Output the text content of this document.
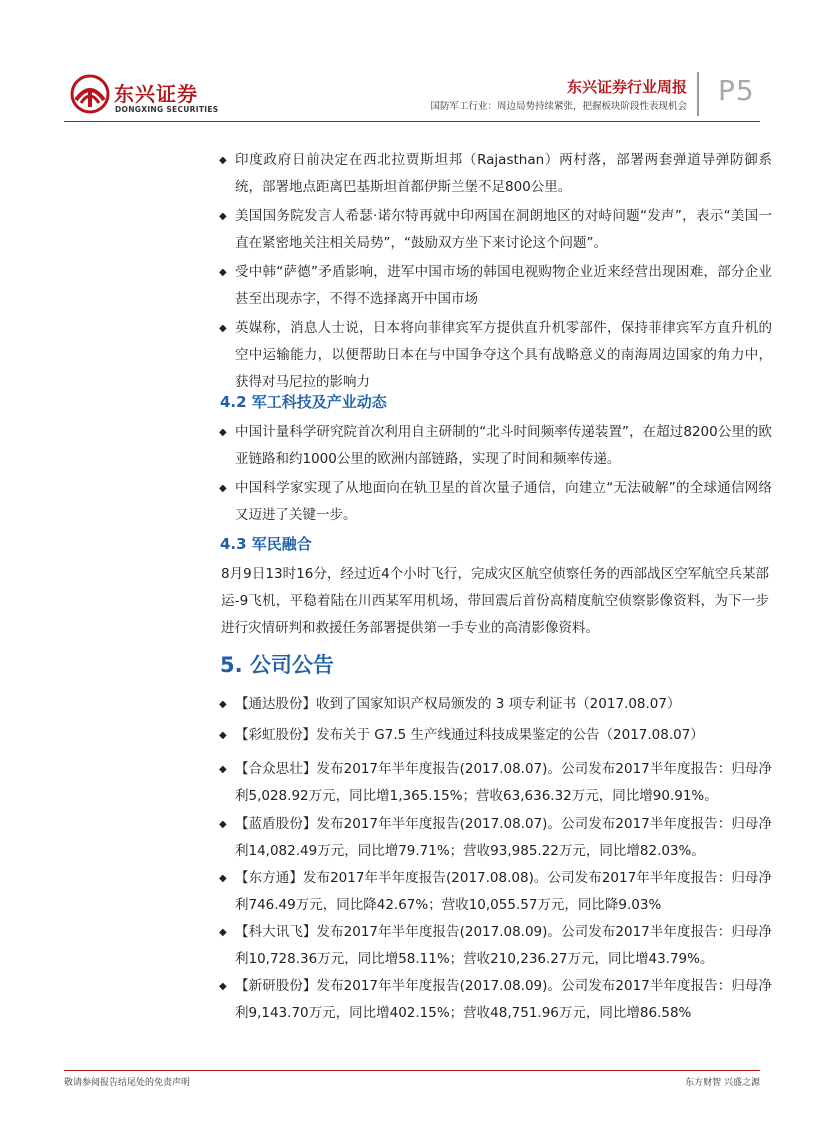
东兴证券
DONGXING SECURITIES
东兴证券行业周报
国防军工行业：周边局势持续紧张，把握板块阶段性表现机会 P5
◆ 印度政府日前决定在西北拉贾斯坦邦（Rajasthan）两村落，部署两套弹道导弹防御系统，部署地点距离巴基斯坦首都伊斯兰堡不足800公里。
◆ 美国国务院发言人希瑟·诺尔特再就中印两国在洞朗地区的对峙问题“发声”，表示“美国一直在紧密地关注相关局势”，“鼓励双方坐下来讨论这个问题”。
◆ 受中韩“萨德”矛盾影响，进军中国市场的韩国电视购物企业近来经营出现困难，部分企业甚至出现赤字，不得不选择离开中国市场
◆ 英媒称，消息人士说，日本将向菲律宾军方提供直升机零部件，保持菲律宾军方直升机的空中运输能力，以便帮助日本在与中国争夺这个具有战略意义的南海周边国家的角力中，获得对马尼拉的影响力
4.2 军工科技及产业动态
◆ 中国计量科学研究院首次利用自主研制的“北斗时间频率传递装置”，在超过8200公里的欧亚链路和约1000公里的欧洲内部链路，实现了时间和频率传递。
◆ 中国科学家实现了从地面向在轨卫星的首次量子通信，向建立“无法破解”的全球通信网络又迈进了关键一步。
4.3 军民融合
8月9日13时16分，经过近4个小时飞行，完成灾区航空侦察任务的西部战区空军航空兵某部运-9飞机，平稳着陆在川西某军用机场，带回震后首份高精度航空侦察影像资料，为下一步进行灾情研判和救援任务部署提供第一手专业的高清影像资料。
5. 公司公告
◆ 【通达股份】收到了国家知识产权局颁发的 3 项专利证书（2017.08.07）
◆ 【彩虹股份】发布关于 G7.5 生产线通过科技成果鉴定的公告（2017.08.07）
◆ 【合众思壮】发布2017年半年度报告(2017.08.07)。公司发布2017半年度报告：归母净利5,028.92万元，同比增1,365.15%；营收63,636.32万元，同比增90.91%。
◆ 【蓝盾股份】发布2017年半年度报告(2017.08.07)。公司发布2017半年度报告：归母净利14,082.49万元，同比增79.71%；营收93,985.22万元，同比增82.03%。
◆ 【东方通】发布2017年半年度报告(2017.08.08)。公司发布2017年半年度报告：归母净利746.49万元，同比降42.67%；营收10,055.57万元，同比降9.03%
◆ 【科大讯飞】发布2017年半年度报告(2017.08.09)。公司发布2017半年度报告：归母净利10,728.36万元，同比增58.11%；营收210,236.27万元，同比增43.79%。
◆ 【新研股份】发布2017年半年度报告(2017.08.09)。公司发布2017半年度报告：归母净利9,143.70万元，同比增402.15%；营收48,751.96万元，同比增86.58%
敬请参阅报告结尾处的免责声明	东方财智 兴盛之源
